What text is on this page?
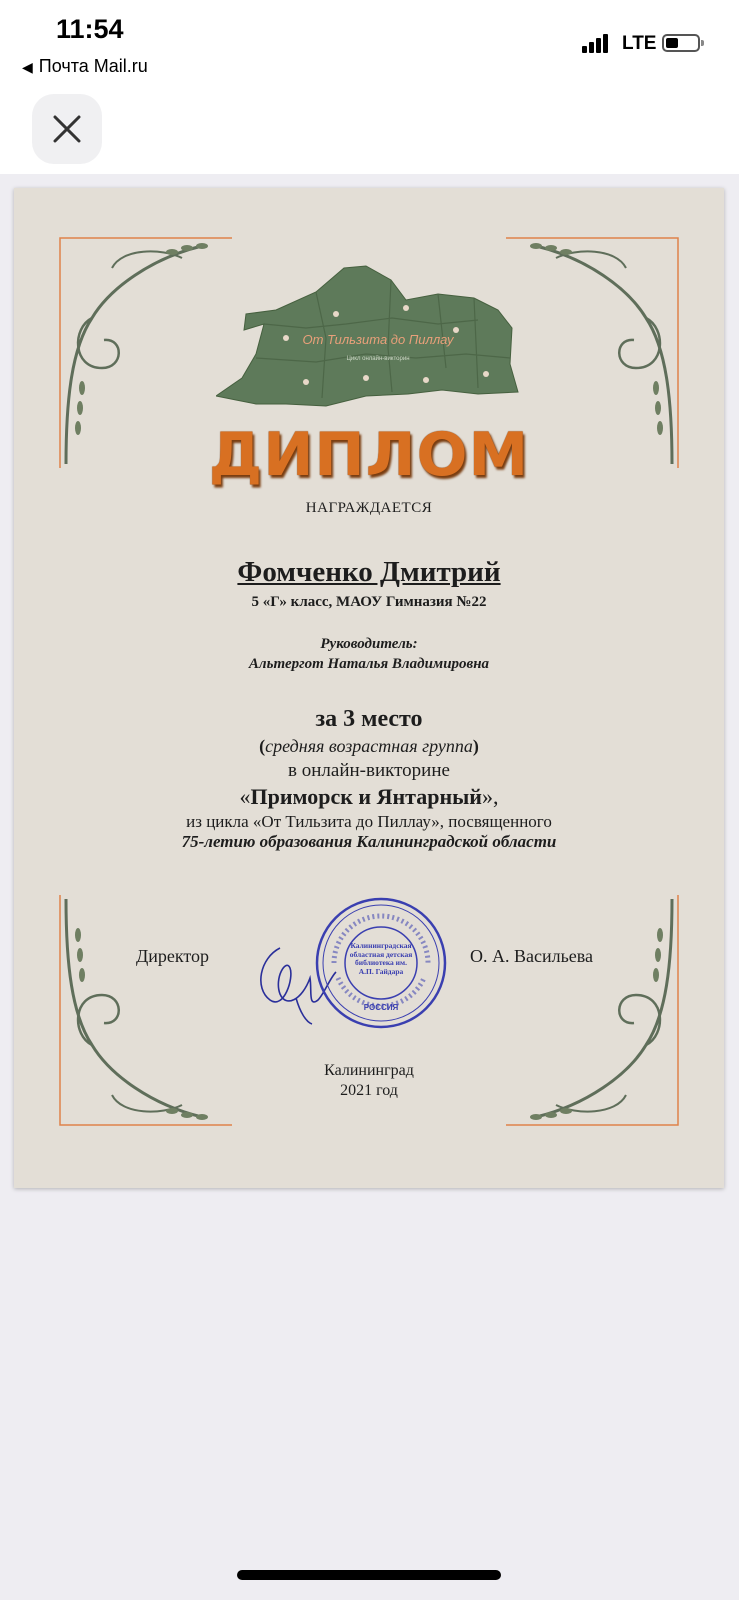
11:54
◀ Почта Mail.ru
LTE
От Тильзита до Пиллау
Цикл онлайн-викторин
ДИПЛОМ
НАГРАЖДАЕТСЯ
Фомченко Дмитрий
5 «Г» класс, МАОУ Гимназия №22
Руководитель:
Альтергот Наталья Владимировна
за 3 место
(средняя возрастная группа)
в онлайн-викторине
«Приморск и Янтарный»,
из цикла «От Тильзита до Пиллау», посвященного
75-летию образования Калининградской области
Директор	О. А. Васильева
Калининградская областная детская библиотека им. А.П. Гайдара
РОССИЯ
Калининград
2021 год
